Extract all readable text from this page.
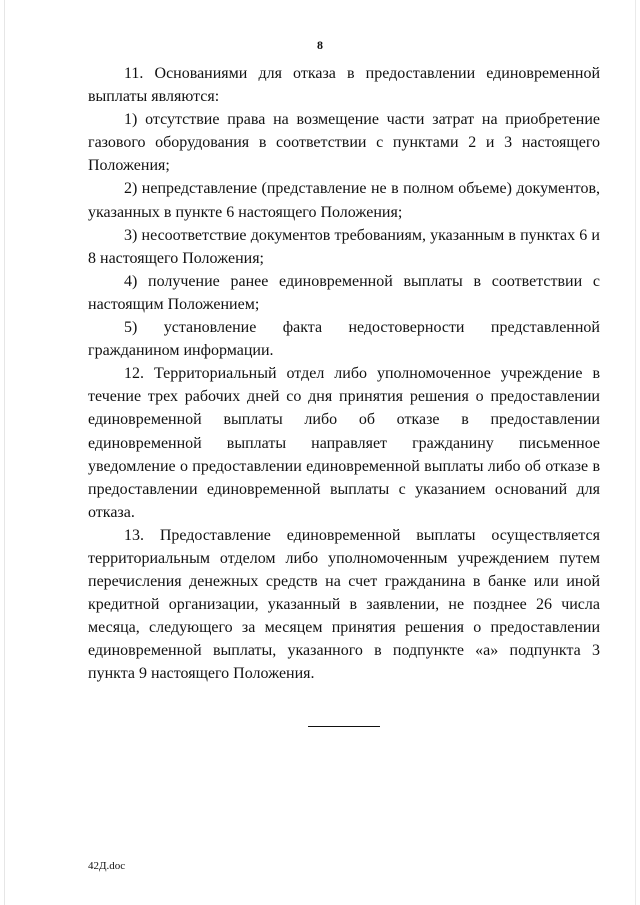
8

11. Основаниями для отказа в предоставлении единовременной выплаты являются:

1) отсутствие права на возмещение части затрат на приобретение газового оборудования в соответствии с пунктами 2 и 3 настоящего Положения;

2) непредставление (представление не в полном объеме) документов, указанных в пункте 6 настоящего Положения;

3) несоответствие документов требованиям, указанным в пунктах 6 и 8 настоящего Положения;

4) получение ранее единовременной выплаты в соответствии с настоящим Положением;

5) установление факта недостоверности представленной гражданином информации.

12. Территориальный отдел либо уполномоченное учреждение в течение трех рабочих дней со дня принятия решения о предоставлении единовременной выплаты либо об отказе в предоставлении единовременной выплаты направляет гражданину письменное уведомление о предоставлении единовременной выплаты либо об отказе в предоставлении единовременной выплаты с указанием оснований для отказа.

13. Предоставление единовременной выплаты осуществляется территориальным отделом либо уполномоченным учреждением путем перечисления денежных средств на счет гражданина в банке или иной кредитной организации, указанный в заявлении, не позднее 26 числа месяца, следующего за месяцем принятия решения о предоставлении единовременной выплаты, указанного в подпункте «а» подпункта 3 пункта 9 настоящего Положения.

42Д.doc
